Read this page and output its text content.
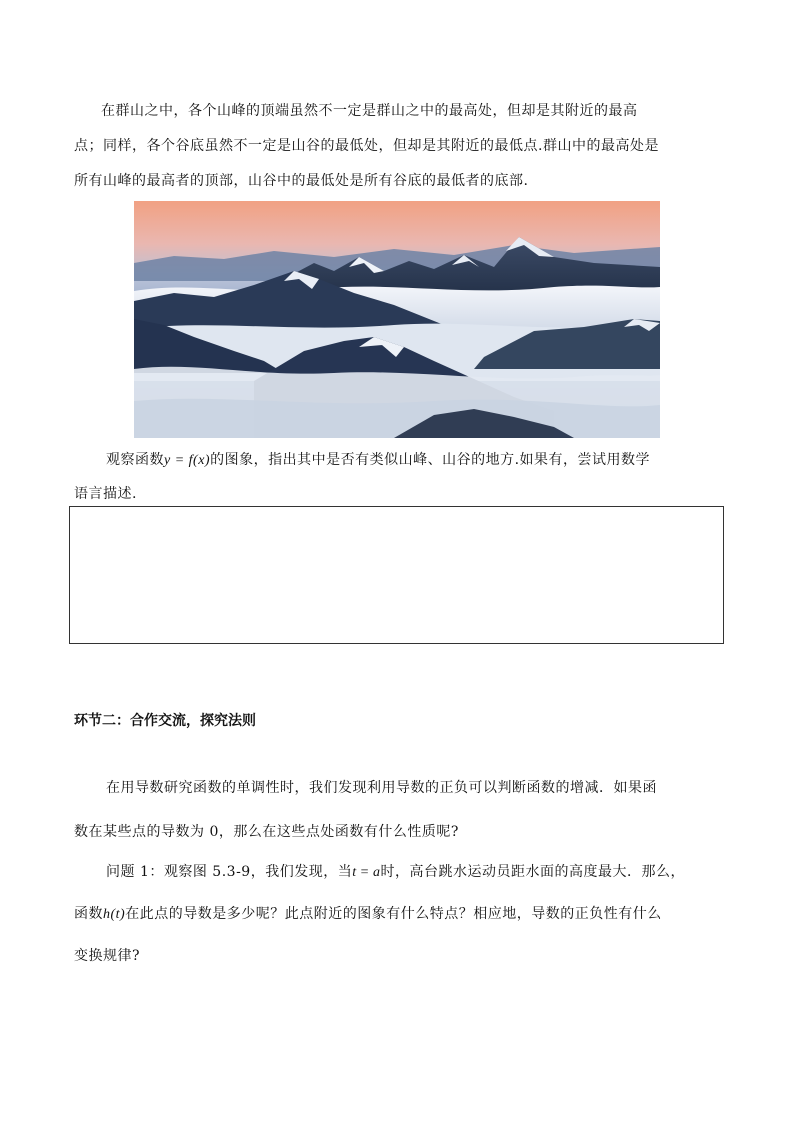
在群山之中，各个山峰的顶端虽然不一定是群山之中的最高处，但却是其附近的最高
点；同样，各个谷底虽然不一定是山谷的最低处，但却是其附近的最低点.群山中的最高处是
所有山峰的最高者的顶部，山谷中的最低处是所有谷底的最低者的底部.
观察函数y = f(x)的图象，指出其中是否有类似山峰、山谷的地方.如果有，尝试用数学
语言描述.
环节二：合作交流，探究法则
在用导数研究函数的单调性时，我们发现利用导数的正负可以判断函数的增减．如果函
数在某些点的导数为 0，那么在这些点处函数有什么性质呢?
问题 1：观察图 5.3-9，我们发现，当t = a时，高台跳水运动员距水面的高度最大．那么，
函数h(t)在此点的导数是多少呢？此点附近的图象有什么特点？相应地，导数的正负性有什么
变换规律?
